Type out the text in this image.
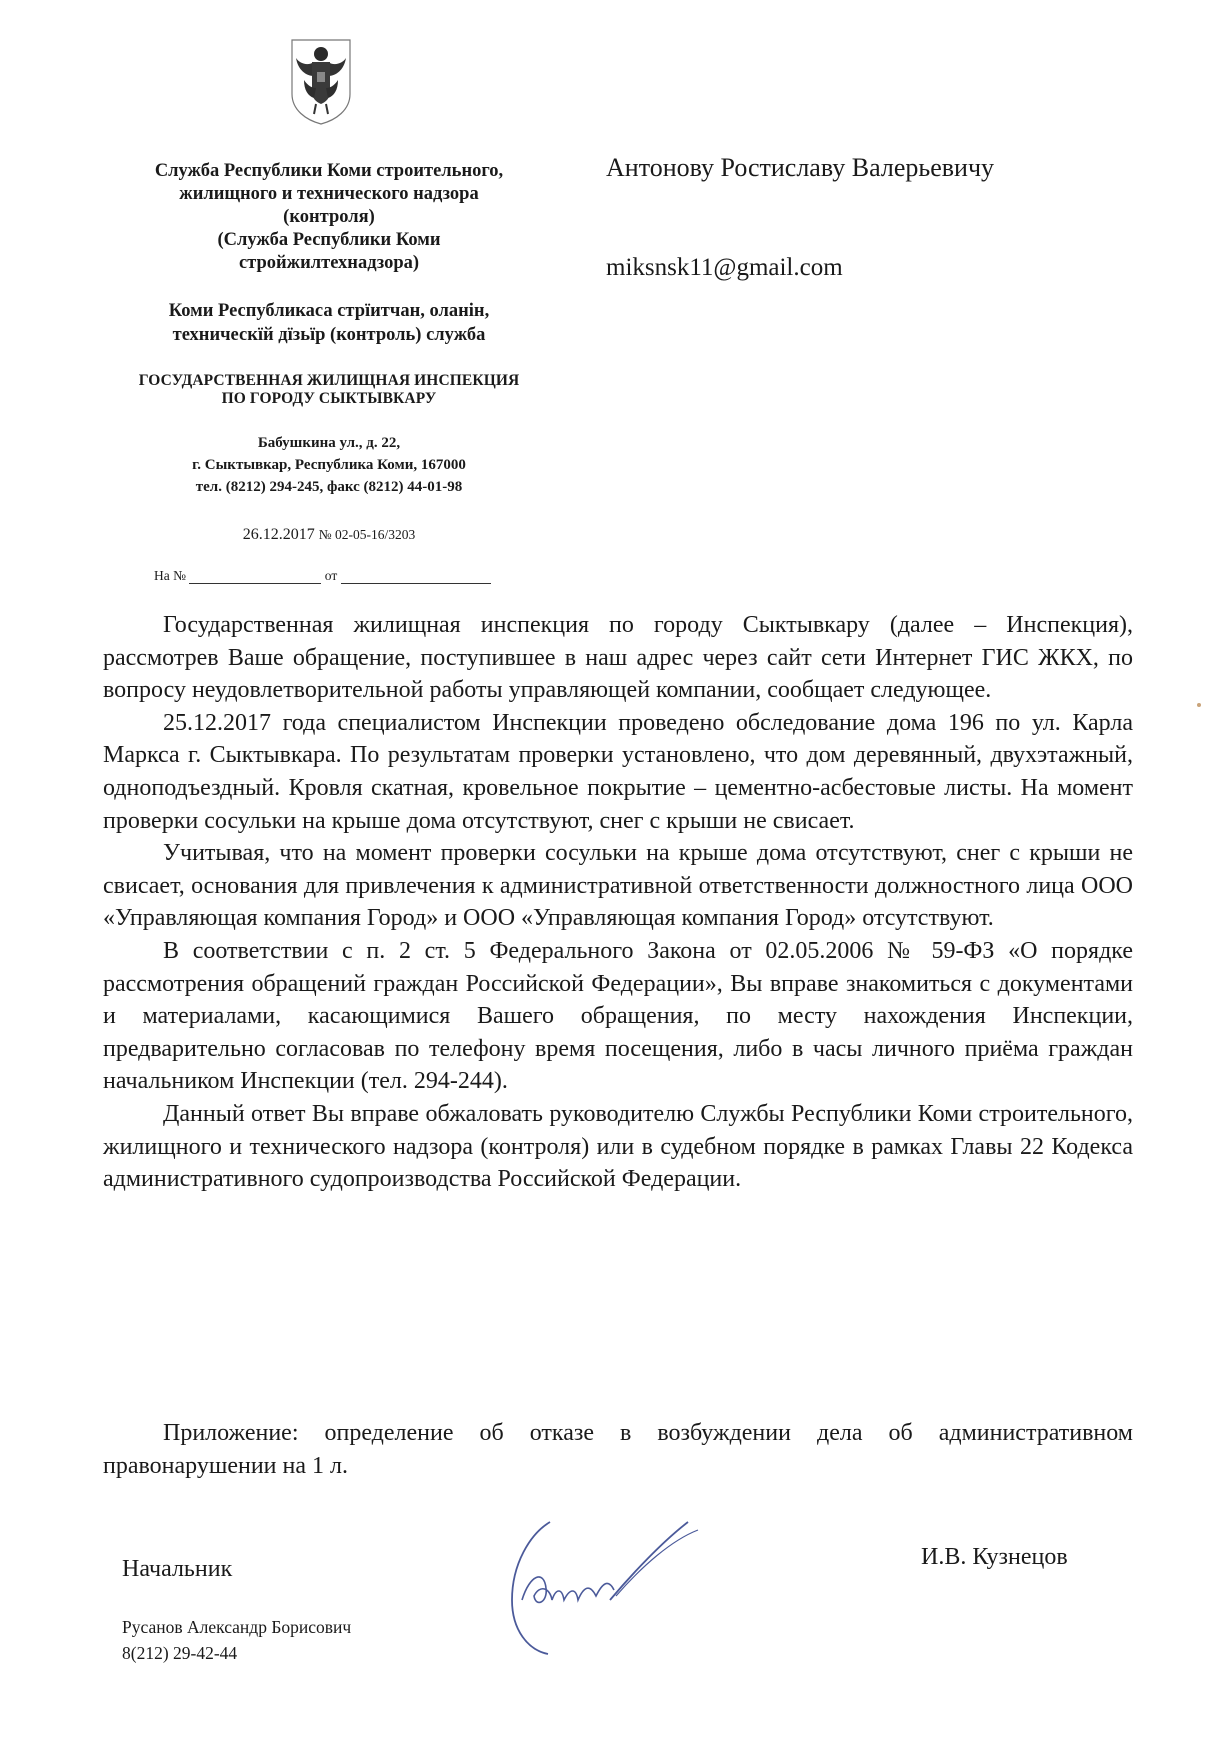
Служба Республики Коми строительного,
жилищного и технического надзора
(контроля)
(Служба Республики Коми
стройжилтехнадзора)
Коми Республикаса стрїитчан, оланін,
техническїй дїзьїр (контроль) служба
ГОСУДАРСТВЕННАЯ ЖИЛИЩНАЯ ИНСПЕКЦИЯ
ПО ГОРОДУ СЫКТЫВКАРУ
Бабушкина ул., д. 22,
г. Сыктывкар, Республика Коми, 167000
тел. (8212) 294-245, факс (8212) 44-01-98
26.12.2017 № 02-05-16/3203
На №	от
Антонову Ростиславу Валерьевичу
miksnsk11@gmail.com

Государственная жилищная инспекция по городу Сыктывкару (далее – Инспекция), рассмотрев Ваше обращение, поступившее в наш адрес через сайт сети Интернет ГИС ЖКХ, по вопросу неудовлетворительной работы управляющей компании, сообщает следующее.

25.12.2017 года специалистом Инспекции проведено обследование дома 196 по ул. Карла Маркса г. Сыктывкара. По результатам проверки установлено, что дом деревянный, двухэтажный, одноподъездный. Кровля скатная, кровельное покрытие – цементно-асбестовые листы. На момент проверки сосульки на крыше дома отсутствуют, снег с крыши не свисает.

Учитывая, что на момент проверки сосульки на крыше дома отсутствуют, снег с крыши не свисает, основания для привлечения к административной ответственности должностного лица ООО «Управляющая компания Город» и ООО «Управляющая компания Город» отсутствуют.

В соответствии с п. 2 ст. 5 Федерального Закона от 02.05.2006 № 59-ФЗ «О порядке рассмотрения обращений граждан Российской Федерации», Вы вправе знакомиться с документами и материалами, касающимися Вашего обращения, по месту нахождения Инспекции, предварительно согласовав по телефону время посещения, либо в часы личного приёма граждан начальником Инспекции (тел. 294-244).

Данный ответ Вы вправе обжаловать руководителю Службы Республики Коми строительного, жилищного и технического надзора (контроля) или в судебном порядке в рамках Главы 22 Кодекса административного судопроизводства Российской Федерации.

Приложение: определение об отказе в возбуждении дела об административном правонарушении на 1 л.
Начальник	И.В. Кузнецов
Русанов Александр Борисович
8(212) 29-42-44
